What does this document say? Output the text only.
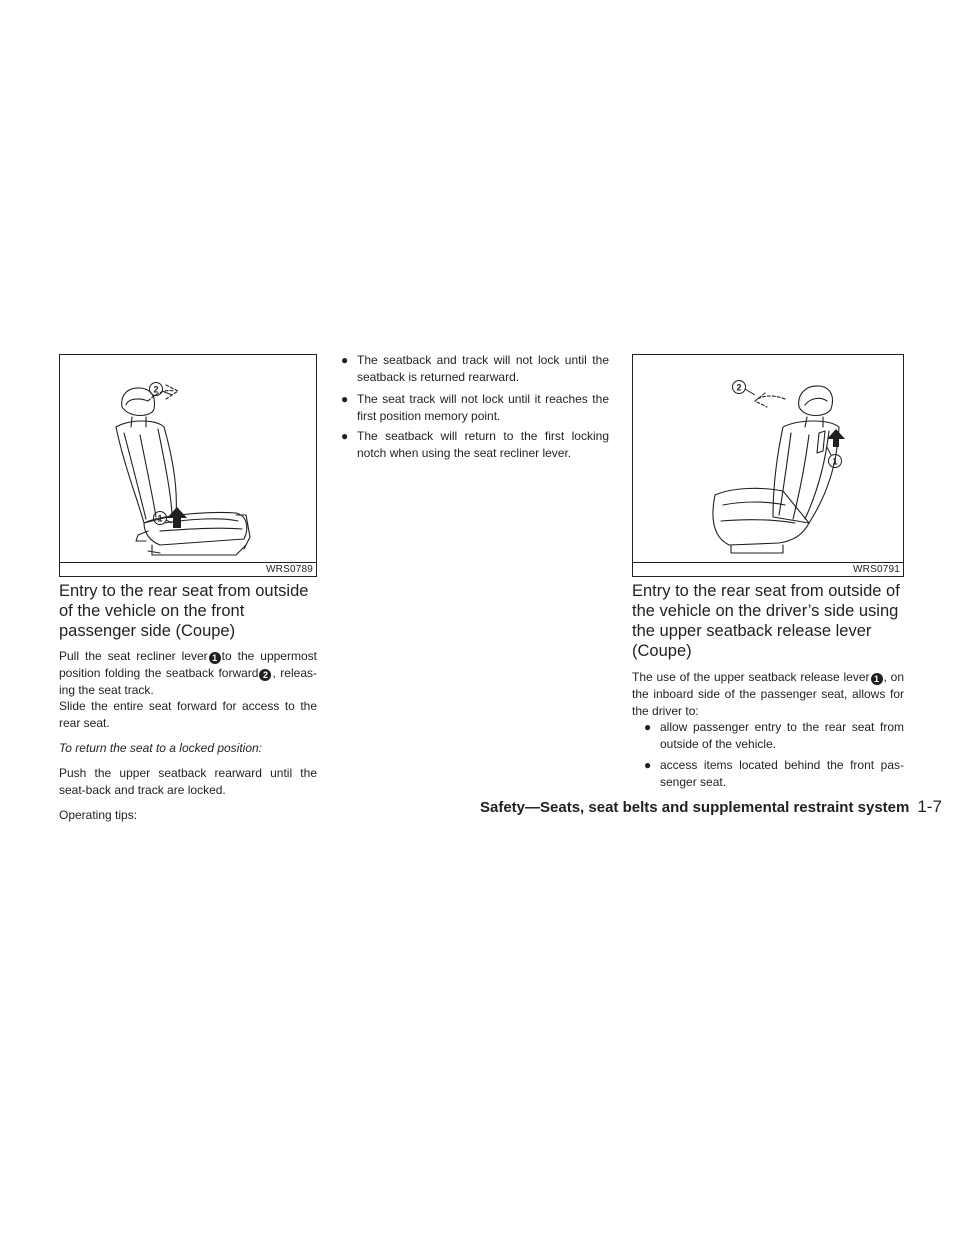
2
1
WRS0789
Entry to the rear seat from outside of the vehicle on the front passenger side (Coupe)

Pull the seat recliner lever 1 to the uppermost position folding the seatback forward 2 , releas-ing the seat track.

Slide the entire seat forward for access to the rear seat.

To return the seat to a locked position:

Push the upper seatback rearward until the seat-back and track are locked.

Operating tips:

● The seatback and track will not lock until the seatback is returned rearward.
● The seat track will not lock until it reaches the first position memory point.
● The seatback will return to the first locking notch when using the seat recliner lever.
2
1
WRS0791
Entry to the rear seat from outside of the vehicle on the driver’s side using the upper seatback release lever (Coupe)

The use of the upper seatback release lever 1 , on the inboard side of the passenger seat, allows for the driver to:

● allow passenger entry to the rear seat from outside of the vehicle.
● access items located behind the front pas-senger seat.
Safety—Seats, seat belts and supplemental restraint system 1-7
